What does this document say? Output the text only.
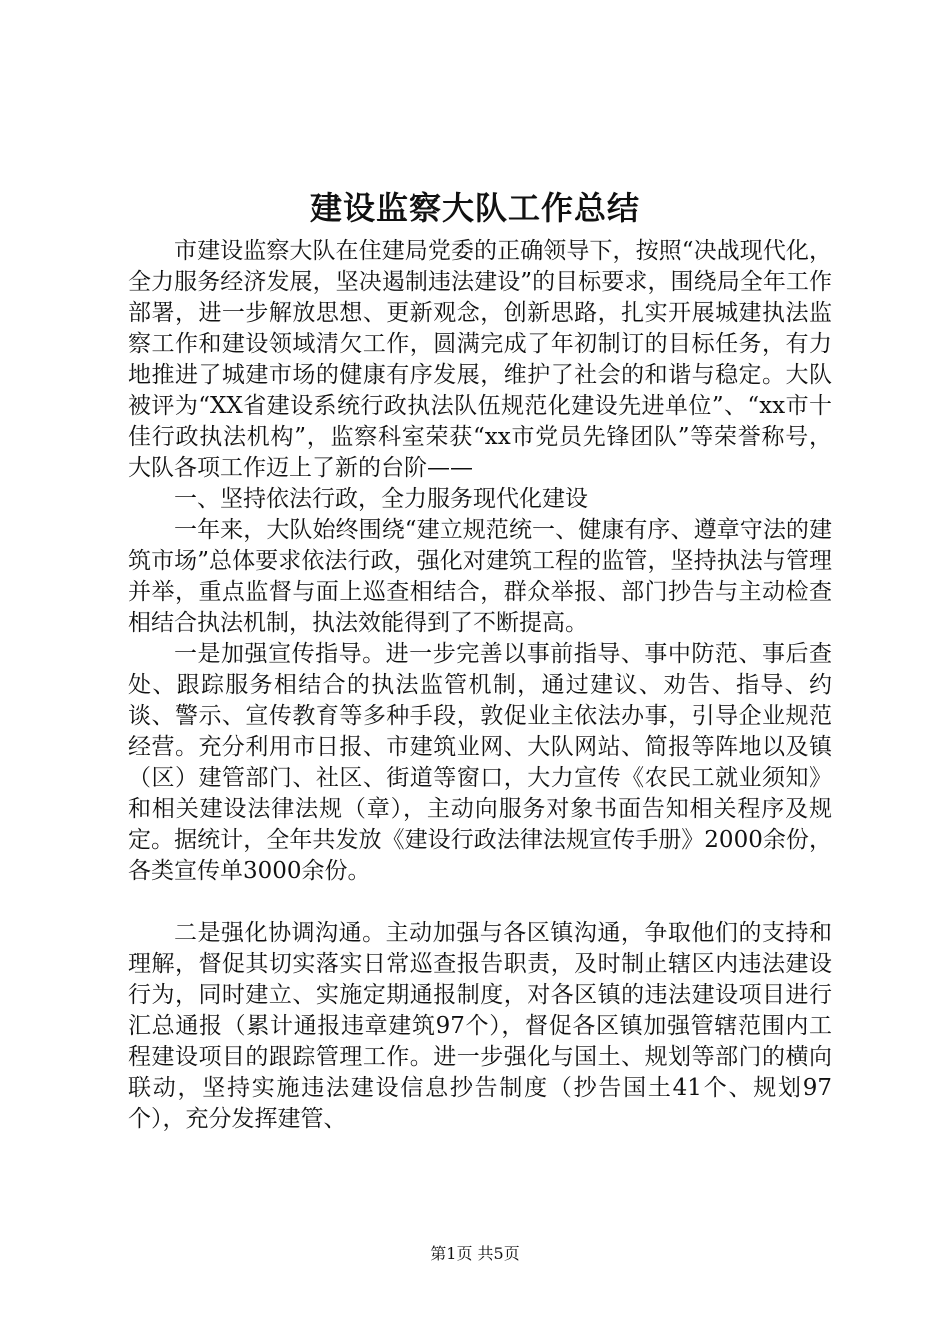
建设监察大队工作总结

市建设监察大队在住建局党委的正确领导下，按照“决战现代化，全力服务经济发展，坚决遏制违法建设”的目标要求，围绕局全年工作部署，进一步解放思想、更新观念，创新思路，扎实开展城建执法监察工作和建设领域清欠工作，圆满完成了年初制订的目标任务，有力地推进了城建市场的健康有序发展，维护了社会的和谐与稳定。大队被评为“XX省建设系统行政执法队伍规范化建设先进单位”、“xx市十佳行政执法机构”，监察科室荣获“xx市党员先锋团队”等荣誉称号，大队各项工作迈上了新的台阶——

一、坚持依法行政，全力服务现代化建设

一年来，大队始终围绕“建立规范统一、健康有序、遵章守法的建筑市场”总体要求依法行政，强化对建筑工程的监管，坚持执法与管理并举，重点监督与面上巡查相结合，群众举报、部门抄告与主动检查相结合执法机制，执法效能得到了不断提高。

一是加强宣传指导。进一步完善以事前指导、事中防范、事后查处、跟踪服务相结合的执法监管机制，通过建议、劝告、指导、约谈、警示、宣传教育等多种手段，敦促业主依法办事，引导企业规范经营。充分利用市日报、市建筑业网、大队网站、简报等阵地以及镇（区）建管部门、社区、街道等窗口，大力宣传《农民工就业须知》和相关建设法律法规（章），主动向服务对象书面告知相关程序及规定。据统计，全年共发放《建设行政法律法规宣传手册》2000余份，各类宣传单3000余份。

二是强化协调沟通。主动加强与各区镇沟通，争取他们的支持和理解，督促其切实落实日常巡查报告职责，及时制止辖区内违法建设行为，同时建立、实施定期通报制度，对各区镇的违法建设项目进行汇总通报（累计通报违章建筑97个），督促各区镇加强管辖范围内工程建设项目的跟踪管理工作。进一步强化与国土、规划等部门的横向联动，坚持实施违法建设信息抄告制度（抄告国土41个、规划97个），充分发挥建管、

第1页 共5页
